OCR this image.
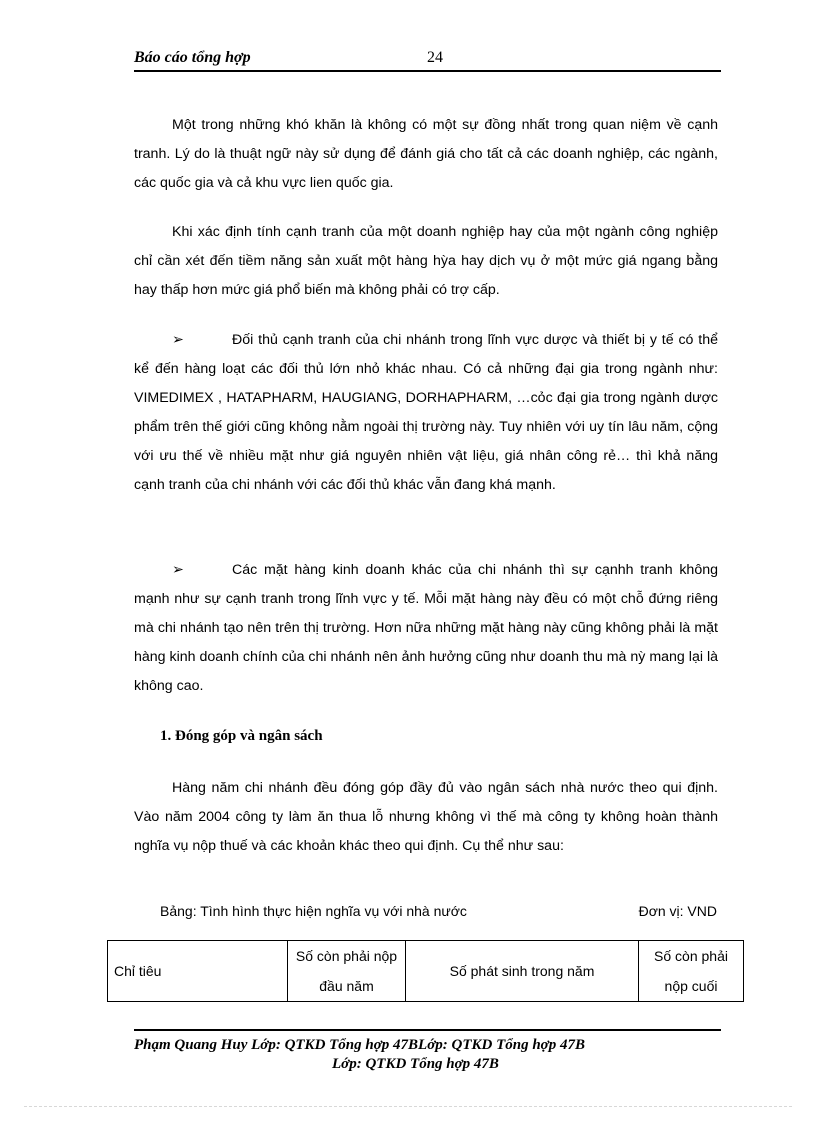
Báo cáo tổng hợp	24

Một trong những khó khăn là không có một sự đồng nhất trong quan niệm về cạnh tranh. Lý do là thuật ngữ này sử dụng để đánh giá cho tất cả các doanh nghiệp, các ngành, các quốc gia và cả khu vực lien quốc gia.

Khi xác định tính cạnh tranh của một doanh nghiệp hay của một ngành công nghiệp chỉ cần xét đến tiềm năng sản xuất một hàng hỳa hay dịch vụ ở một mức giá ngang bằng hay thấp hơn mức giá phổ biến mà không phải có trợ cấp.

➢	Đối thủ cạnh tranh của chi nhánh trong lĩnh vực dược và thiết bị y tế có thể kể đến hàng loạt các đối thủ lớn nhỏ khác nhau. Có cả những đại gia trong ngành như: VIMEDIMEX , HATAPHARM, HAUGIANG, DORHAPHARM, …cỏc đại gia trong ngành dược phẩm trên thế giới cũng không nằm ngoài thị trường này. Tuy nhiên với uy tín lâu năm, cộng với ưu thế về nhiều mặt như giá nguyên nhiên vật liệu, giá nhân công rẻ… thì khả năng cạnh tranh của chi nhánh với các đối thủ khác vẫn đang khá mạnh.

➢	Các mặt hàng kinh doanh khác của chi nhánh thì sự cạnhh tranh không mạnh như sự cạnh tranh trong lĩnh vực y tế. Mỗi mặt hàng này đều có một chỗ đứng riêng mà chi nhánh tạo nên trên thị trường. Hơn nữa những mặt hàng này cũng không phải là mặt hàng kinh doanh chính của chi nhánh nên ảnh hưởng cũng như doanh thu mà nỳ mang lại là không cao.

1. Đóng góp và ngân sách

Hàng năm chi nhánh đều đóng góp đầy đủ vào ngân sách nhà nước theo qui định. Vào năm 2004 công ty làm ăn thua lỗ nhưng không vì thế mà công ty không hoàn thành nghĩa vụ nộp thuế và các khoản khác theo qui định. Cụ thể như sau:

Bảng: Tình hình thực hiện nghĩa vụ với nhà nước	Đơn vị: VND
Chỉ tiêu	Số còn phải nộp đầu năm	Số phát sinh trong năm	Số còn phải nộp cuối
Phạm Quang Huy Lớp: QTKD Tổng hợp 47BLớp: QTKD Tổng hợp 47B
Lớp: QTKD Tổng hợp 47B
